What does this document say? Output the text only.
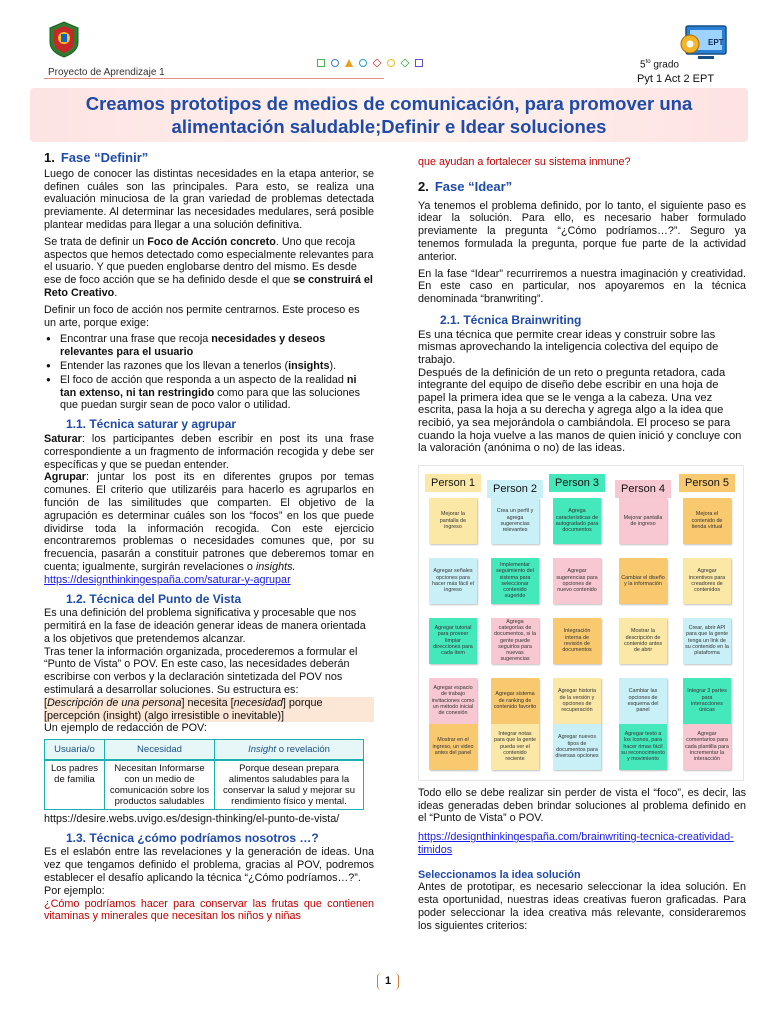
Proyecto de Aprendizaje 1
$5^{to}$ grado
Pyt 1 Act 2 EPT
EPT
Creamos prototipos de medios de comunicación, para promover una alimentación saludable;Definir e Idear soluciones
1. Fase “Definir”
Luego de conocer las distintas necesidades en la etapa anterior, se definen cuáles son las principales. Para esto, se realiza una evaluación minuciosa de la gran variedad de problemas detectada previamente. Al determinar las necesidades medulares, será posible plantear medidas para llegar a una solución definitiva.
Se trata de definir un Foco de Acción concreto. Uno que recoja aspectos que hemos detectado como especialmente relevantes para el usuario. Y que pueden englobarse dentro del mismo. Es desde ese de foco acción que se ha definido desde el que se construirá el Reto Creativo.
Definir un foco de acción nos permite centrarnos. Este proceso es un arte, porque exige:
● Encontrar una frase que recoja necesidades y deseos relevantes para el usuario
● Entender las razones que los llevan a tenerlos (insights).
● El foco de acción que responda a un aspecto de la realidad ni tan extenso, ni tan restringido como para que las soluciones que puedan surgir sean de poco valor o utilidad.
1.1. Técnica saturar y agrupar
Saturar: los participantes deben escribir en post its una frase correspondiente a un fragmento de información recogida y debe ser específicas y que se puedan entender.
Agrupar: juntar los post its en diferentes grupos por temas comunes. El criterio que utilizaréis para hacerlo es agruparlos en función de las similitudes que comparten. El objetivo de la agrupación es determinar cuáles son los “focos” en los que puede dividirse toda la información recogida. Con este ejercicio encontraremos problemas o necesidades comunes que, por su frecuencia, pasarán a constituir patrones que deberemos tomar en cuenta; igualmente, surgirán revelaciones o insights.
https://designthinkingespaña.com/saturar-y-agrupar
1.2. Técnica del Punto de Vista
Es una definición del problema significativa y procesable que nos permitirá en la fase de ideación generar ideas de manera orientada a los objetivos que pretendemos alcanzar.
Tras tener la información organizada, procederemos a formular el “Punto de Vista” o POV. En este caso, las necesidades deberán escribirse con verbos y la declaración sintetizada del POV nos estimulará a desarrollar soluciones. Su estructura es:
[Descripción de una persona] necesita [necesidad] porque [percepción (insight) (algo irresistible o inevitable)]
Un ejemplo de redacción de POV:
Usuaria/o	Necesidad	Insight o revelación
Los padres de familia	Necesitan Informarse con un medio de comunicación sobre los productos saludables	Porque desean prepara alimentos saludables para la conservar la salud y mejorar su rendimiento físico y mental.
https://desire.webs.uvigo.es/design-thinking/el-punto-de-vista/
1.3. Técnica ¿cómo podríamos nosotros …?
Es el eslabón entre las revelaciones y la generación de ideas. Una vez que tengamos definido el problema, gracias al POV, podremos establecer el desafío aplicando la técnica “¿Cómo podríamos…?”.
Por ejemplo:
¿Cómo podríamos hacer para conservar las frutas que contienen vitaminas y minerales que necesitan los niños y niñas
que ayudan a fortalecer su sistema inmune?
2. Fase “Idear”
Ya tenemos el problema definido, por lo tanto, el siguiente paso es idear la solución. Para ello, es necesario haber formulado previamente la pregunta “¿Cómo podríamos…?”. Seguro ya tenemos formulada la pregunta, porque fue parte de la actividad anterior.
En la fase “Idear” recurriremos a nuestra imaginación y creatividad. En este caso en particular, nos apoyaremos en la técnica denominada “branwriting”.
2.1. Técnica Brainwriting
Es una técnica que permite crear ideas y construir sobre las mismas aprovechando la inteligencia colectiva del equipo de trabajo.
Después de la definición de un reto o pregunta retadora, cada integrante del equipo de diseño debe escribir en una hoja de papel la primera idea que se le venga a la cabeza. Una vez escrita, pasa la hoja a su derecha y agrega algo a la idea que recibió, ya sea mejorándola o cambiándola. El proceso se para cuando la hoja vuelve a las manos de quien inició y concluye con la valoración (anónima o no) de las ideas.
Person 1
Mejorar la pantalla de ingreso
Agregar señales opciones para hacer más fácil el ingreso
Agregar tutorial para proveer limpiar direcciones para cada ítem
Agregar espacio de trabajo invitaciones como un método inicial de conexión
Mostrar en el ingreso, un video antes del panel
Person 2
Crea un perfil y agrega sugerencias relevantes
Implementar seguimiento del sistema para seleccionar contenido sugerido
Agrega categorías de documentos, si la gente puede seguirlos para nuevas sugerencias
Agregar sistema de ranking de contenido favorito
Integrar notas para que la gente pueda ver el contenido reciente
Person 3
Agrega características de autogradado para documentos
Agregar sugerencias para opciones de nuevo contenido
Integración interna de revisión de documentos
Agregar historia de la versión y opciones de recuperación
Agregar nuevos tipos de documentos para diversas opciones
Person 4
Mejorar pantalla de ingreso
Cambiar el diseño y la información
Mostrar la descripción de contenido antes de abrir
Cambiar las opciones de esquema del panel
Agregar texto a los íconos, para hacer rimas fácil su reconocimiento y movimiento
Person 5
Mejora el contenido de tienda virtual
Agregar incentivos para creadores de contenidos
Crear, abrir API para que la gente tenga un link de su contenido en la plataforma
Integrar 3 partes para interacciones únicas
Agregar comentarios para cada plantilla para incrementar la interacción
Todo ello se debe realizar sin perder de vista el “foco”, es decir, las ideas generadas deben brindar soluciones al problema definido en el “Punto de Vista” o POV.
https://designthinkingespaña.com/brainwriting-tecnica-creatividad-timidos
Seleccionamos la idea solución
Antes de prototipar, es necesario seleccionar la idea solución. En esta oportunidad, nuestras ideas creativas fueron graficadas. Para poder seleccionar la idea creativa más relevante, consideraremos los siguientes criterios:
1
